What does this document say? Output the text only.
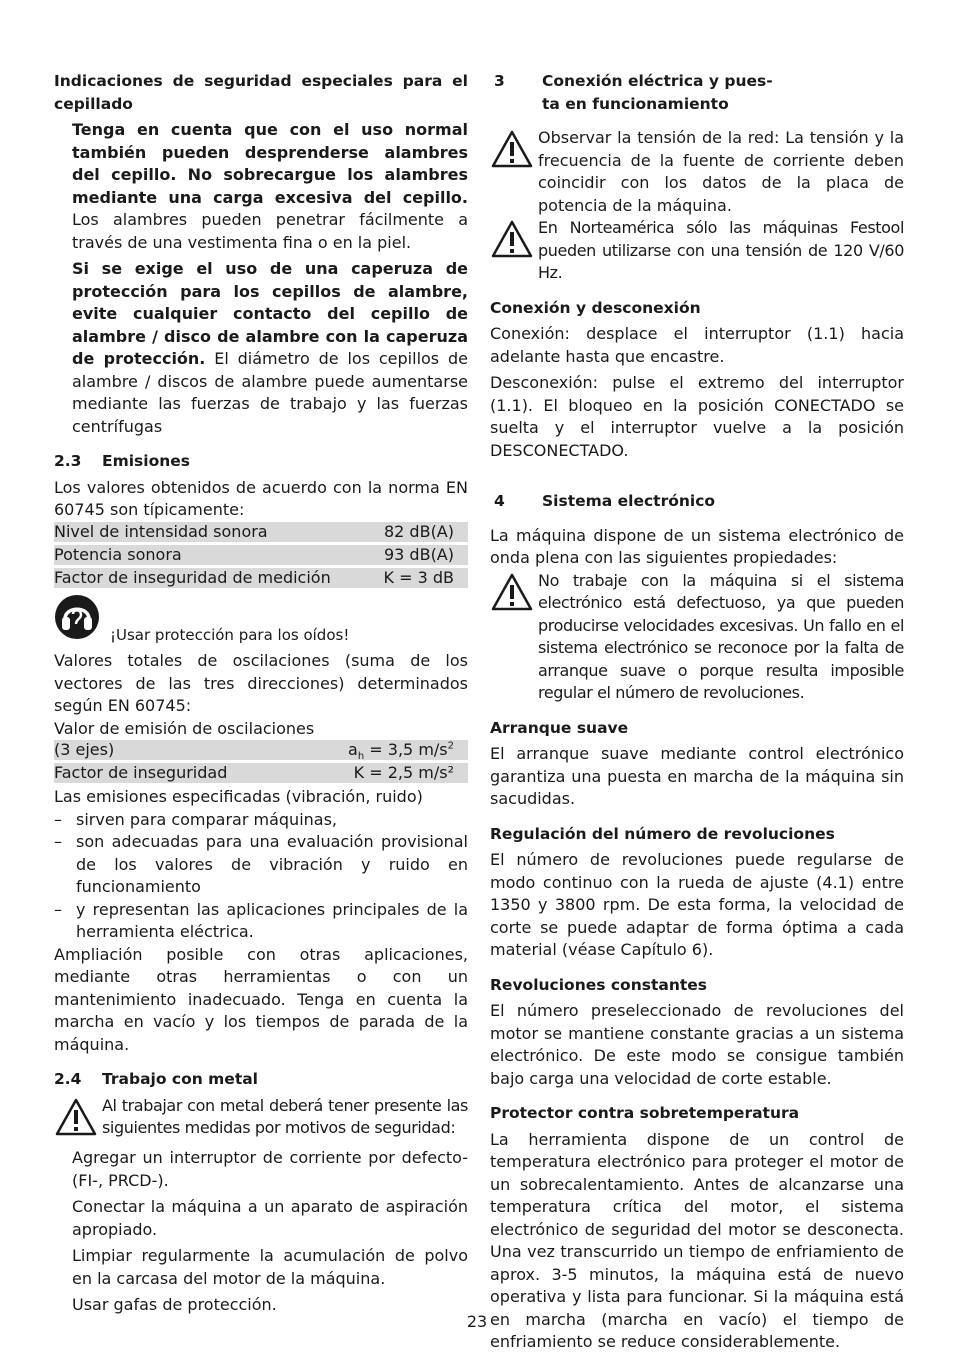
Indicaciones de seguridad especiales para el cepillado

Tenga en cuenta que con el uso normal también pueden desprenderse alambres del cepillo. No sobrecargue los alambres mediante una carga excesiva del cepillo. Los alambres pueden penetrar fácilmente a través de una vestimenta fina o en la piel.

Si se exige el uso de una caperuza de protección para los cepillos de alambre, evite cualquier contacto del cepillo de alambre / disco de alambre con la caperuza de protección. El diámetro de los cepillos de alambre / discos de alambre puede aumentarse mediante las fuerzas de trabajo y las fuerzas centrífugas

2.3 Emisiones

Los valores obtenidos de acuerdo con la norma EN 60745 son típicamente:

Nivel de intensidad sonora	82 dB(A)
Potencia sonora	93 dB(A)
Factor de inseguridad de medición	K = 3 dB
¡Usar protección para los oídos!

Valores totales de oscilaciones (suma de los vectores de las tres direcciones) determinados según EN 60745:

Valor de emisión de oscilaciones

(3 ejes)	$a_h = 3,5$ $m/s^2$
Factor de inseguridad	K = 2,5 m/s²

Las emisiones especificadas (vibración, ruido)

– sirven para comparar máquinas,
– son adecuadas para una evaluación provisional de los valores de vibración y ruido en funcionamiento
– y representan las aplicaciones principales de la herramienta eléctrica.

Ampliación posible con otras aplicaciones, mediante otras herramientas o con un mantenimiento inadecuado. Tenga en cuenta la marcha en vacío y los tiempos de parada de la máquina.

2.4 Trabajo con metal

Al trabajar con metal deberá tener presente las siguientes medidas por motivos de seguridad:

Agregar un interruptor de corriente por defecto- (FI-, PRCD-).

Conectar la máquina a un aparato de aspiración apropiado.

Limpiar regularmente la acumulación de polvo en la carcasa del motor de la máquina.

Usar gafas de protección.

3	Conexión eléctrica y pues-
ta en funcionamiento
Observar la tensión de la red: La tensión y la frecuencia de la fuente de corriente deben coincidir con los datos de la placa de potencia de la máquina.
En Norteamérica sólo las máquinas Festool pueden utilizarse con una tensión de 120 V/60 Hz.

Conexión y desconexión

Conexión: desplace el interruptor (1.1) hacia adelante hasta que encastre.

Desconexión: pulse el extremo del interruptor (1.1). El bloqueo en la posición CONECTADO se suelta y el interruptor vuelve a la posición DESCONECTADO.

4	Sistema electrónico

La máquina dispone de un sistema electrónico de onda plena con las siguientes propiedades:

No trabaje con la máquina si el sistema electrónico está defectuoso, ya que pueden producirse velocidades excesivas. Un fallo en el sistema electrónico se reconoce por la falta de arranque suave o porque resulta imposible regular el número de revoluciones.

Arranque suave

El arranque suave mediante control electrónico garantiza una puesta en marcha de la máquina sin sacudidas.

Regulación del número de revoluciones

El número de revoluciones puede regularse de modo continuo con la rueda de ajuste (4.1) entre 1350 y 3800 rpm. De esta forma, la velocidad de corte se puede adaptar de forma óptima a cada material (véase Capítulo 6).

Revoluciones constantes

El número preseleccionado de revoluciones del motor se mantiene constante gracias a un sistema electrónico. De este modo se consigue también bajo carga una velocidad de corte estable.

Protector contra sobretemperatura

La herramienta dispone de un control de temperatura electrónico para proteger el motor de un sobrecalentamiento. Antes de alcanzarse una temperatura crítica del motor, el sistema electrónico de seguridad del motor se desconecta. Una vez transcurrido un tiempo de enfriamiento de aprox. 3-5 minutos, la máquina está de nuevo operativa y lista para funcionar. Si la máquina está en marcha (marcha en vacío) el tiempo de enfriamiento se reduce considerablemente.

23
